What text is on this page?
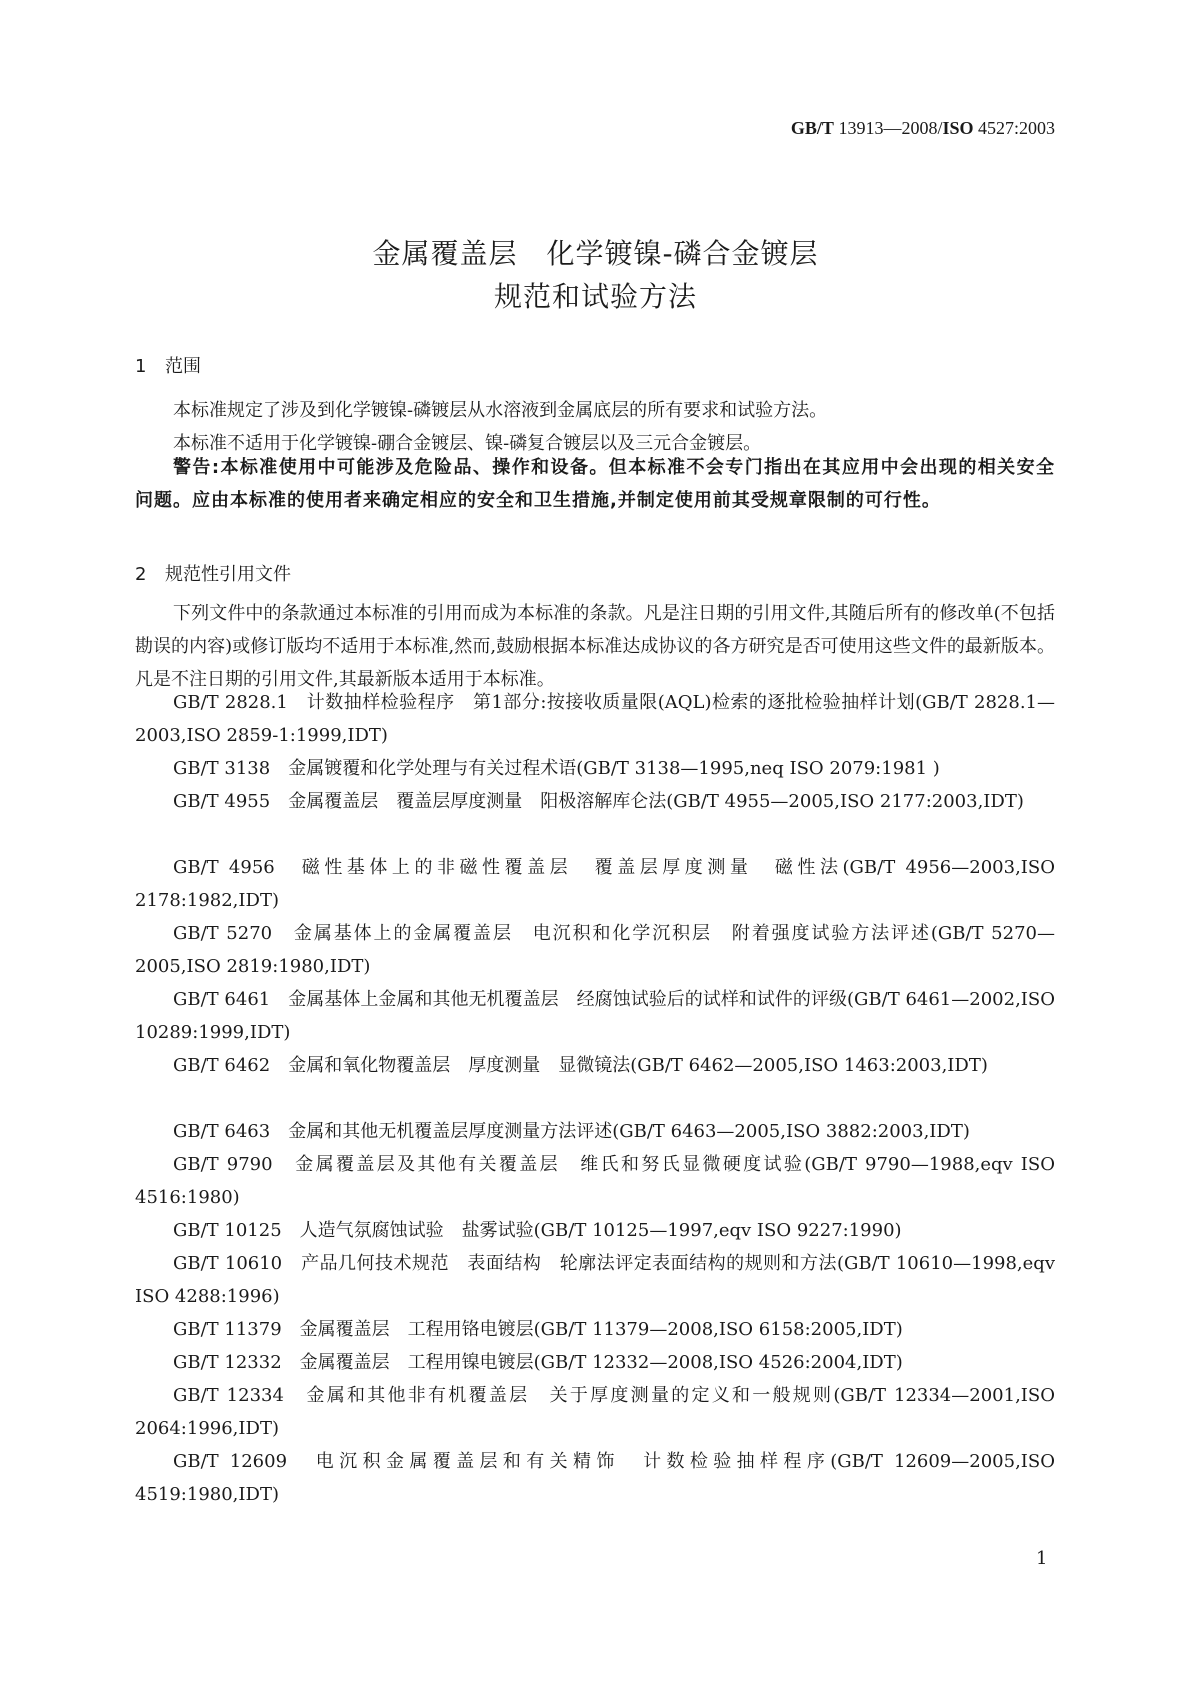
GB/T 13913—2008/ISO 4527:2003
金属覆盖层　化学镀镍-磷合金镀层
规范和试验方法
1 范围
本标准规定了涉及到化学镀镍-磷镀层从水溶液到金属底层的所有要求和试验方法。
本标准不适用于化学镀镍-硼合金镀层、镍-磷复合镀层以及三元合金镀层。
警告:本标准使用中可能涉及危险品、操作和设备。但本标准不会专门指出在其应用中会出现的相关安全问题。应由本标准的使用者来确定相应的安全和卫生措施,并制定使用前其受规章限制的可行性。
2 规范性引用文件
下列文件中的条款通过本标准的引用而成为本标准的条款。凡是注日期的引用文件,其随后所有的修改单(不包括勘误的内容)或修订版均不适用于本标准,然而,鼓励根据本标准达成协议的各方研究是否可使用这些文件的最新版本。凡是不注日期的引用文件,其最新版本适用于本标准。
GB/T 2828.1　计数抽样检验程序　第1部分:按接收质量限(AQL)检索的逐批检验抽样计划(GB/T 2828.1—2003,ISO 2859-1:1999,IDT)
GB/T 3138　金属镀覆和化学处理与有关过程术语(GB/T 3138—1995,neq ISO 2079:1981 )
GB/T 4955　金属覆盖层　覆盖层厚度测量　阳极溶解库仑法(GB/T 4955—2005,ISO 2177:2003,IDT)
GB/T 4956　磁性基体上的非磁性覆盖层　覆盖层厚度测量　磁性法(GB/T 4956—2003,ISO 2178:1982,IDT)
GB/T 5270　金属基体上的金属覆盖层　电沉积和化学沉积层　附着强度试验方法评述(GB/T 5270—2005,ISO 2819:1980,IDT)
GB/T 6461　金属基体上金属和其他无机覆盖层　经腐蚀试验后的试样和试件的评级(GB/T 6461—2002,ISO 10289:1999,IDT)
GB/T 6462　金属和氧化物覆盖层　厚度测量　显微镜法(GB/T 6462—2005,ISO 1463:2003,IDT)
GB/T 6463　金属和其他无机覆盖层厚度测量方法评述(GB/T 6463—2005,ISO 3882:2003,IDT)
GB/T 9790　金属覆盖层及其他有关覆盖层　维氏和努氏显微硬度试验(GB/T 9790—1988,eqv ISO 4516:1980)
GB/T 10125　人造气氛腐蚀试验　盐雾试验(GB/T 10125—1997,eqv ISO 9227:1990)
GB/T 10610　产品几何技术规范　表面结构　轮廓法评定表面结构的规则和方法(GB/T 10610—1998,eqv ISO 4288:1996)
GB/T 11379　金属覆盖层　工程用铬电镀层(GB/T 11379—2008,ISO 6158:2005,IDT)
GB/T 12332　金属覆盖层　工程用镍电镀层(GB/T 12332—2008,ISO 4526:2004,IDT)
GB/T 12334　金属和其他非有机覆盖层　关于厚度测量的定义和一般规则(GB/T 12334—2001,ISO 2064:1996,IDT)
GB/T 12609　电沉积金属覆盖层和有关精饰　计数检验抽样程序(GB/T 12609—2005,ISO 4519:1980,IDT)
1
